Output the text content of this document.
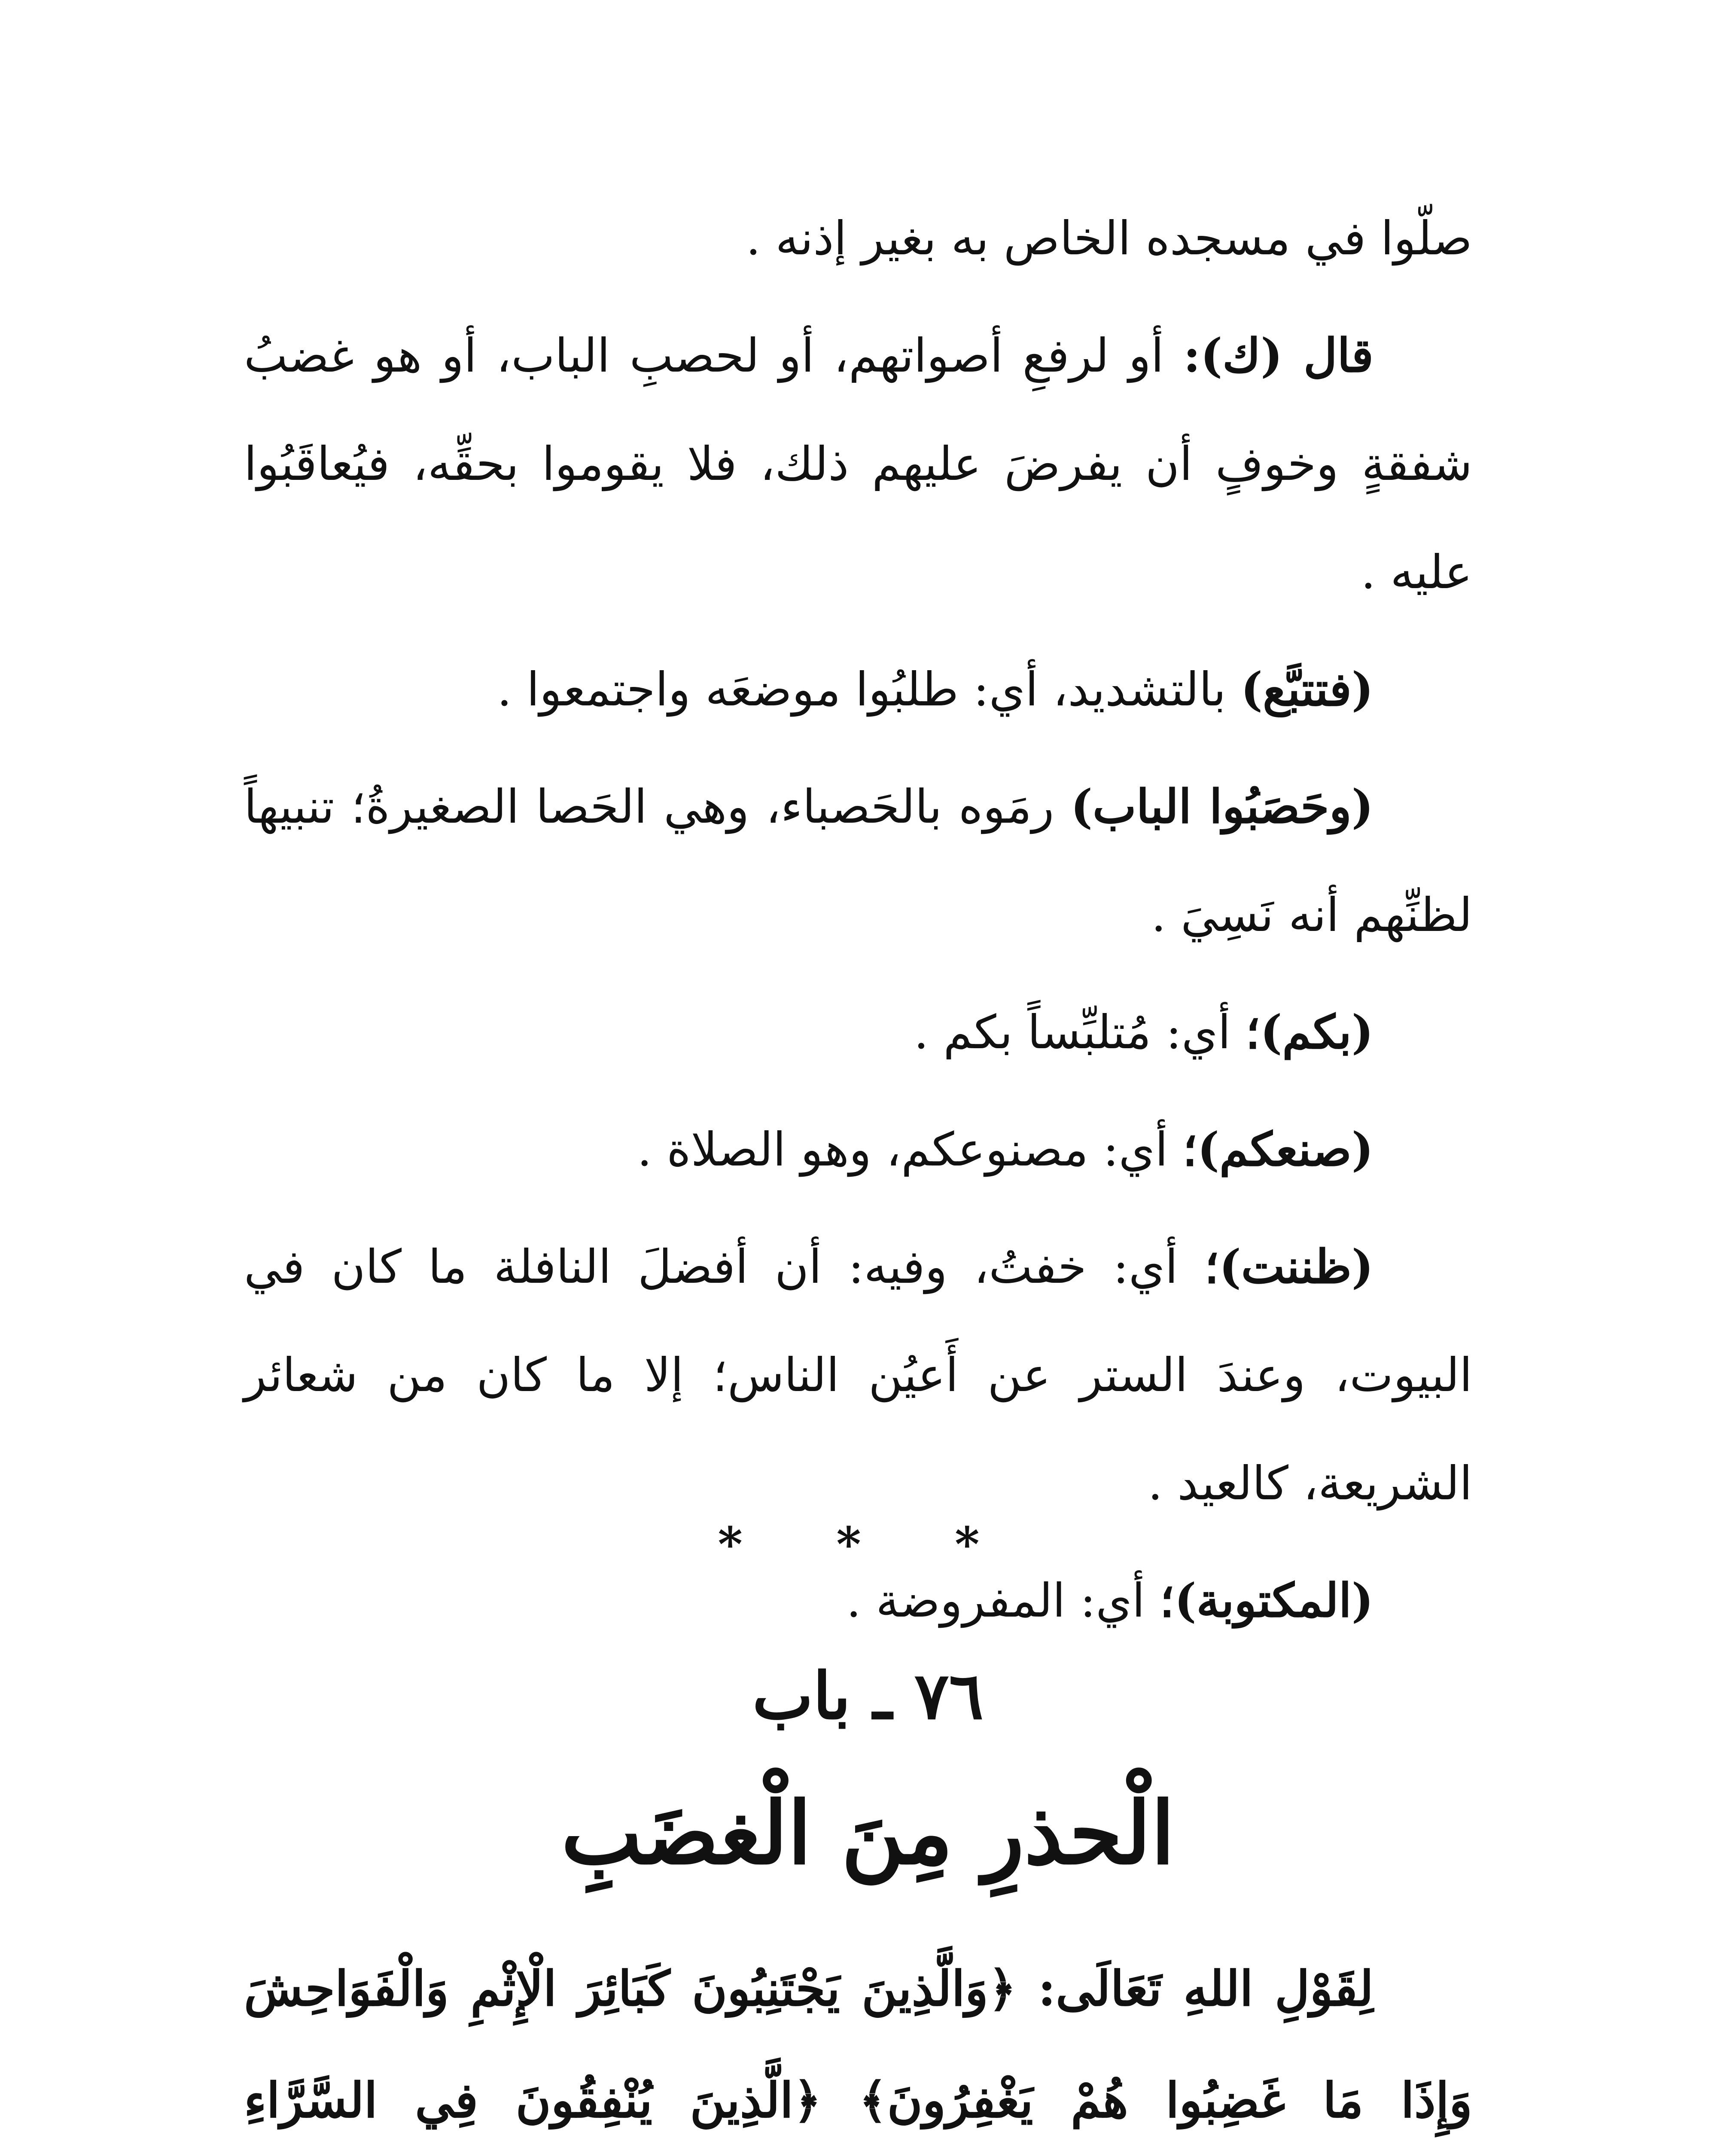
صلّوا في مسجده الخاص به بغير إذنه .

قال (ك): أو لرفعِ أصواتهم، أو لحصبِ الباب، أو هو غضبُ شفقةٍ وخوفٍ أن يفرضَ عليهم ذلك، فلا يقوموا بحقِّه، فيُعاقَبُوا عليه .

(فتتبَّع) بالتشديد، أي: طلبُوا موضعَه واجتمعوا .

(وحَصَبُوا الباب) رمَوه بالحَصباء، وهي الحَصا الصغيرةُ؛ تنبيهاً لظنِّهم أنه نَسِيَ .

(بكم)؛ أي: مُتلبِّساً بكم .

(صنعكم)؛ أي: مصنوعكم، وهو الصلاة .

(ظننت)؛ أي: خفتُ، وفيه: أن أفضلَ النافلة ما كان في البيوت، وعندَ الستر عن أَعيُن الناس؛ إلا ما كان من شعائر الشريعة، كالعيد .

(المكتوبة)؛ أي: المفروضة .

* * *
٧٦ ـ باب
الْحذرِ مِنَ الْغضَبِ

لِقَوْلِ اللهِ تَعَالَى: ﴿وَالَّذِينَ يَجْتَنِبُونَ كَبَائِرَ الْإِثْمِ وَالْفَوَاحِشَ وَإِذَا مَا غَضِبُوا هُمْ يَغْفِرُونَ﴾ ﴿الَّذِينَ يُنْفِقُونَ فِي السَّرَّاءِ
